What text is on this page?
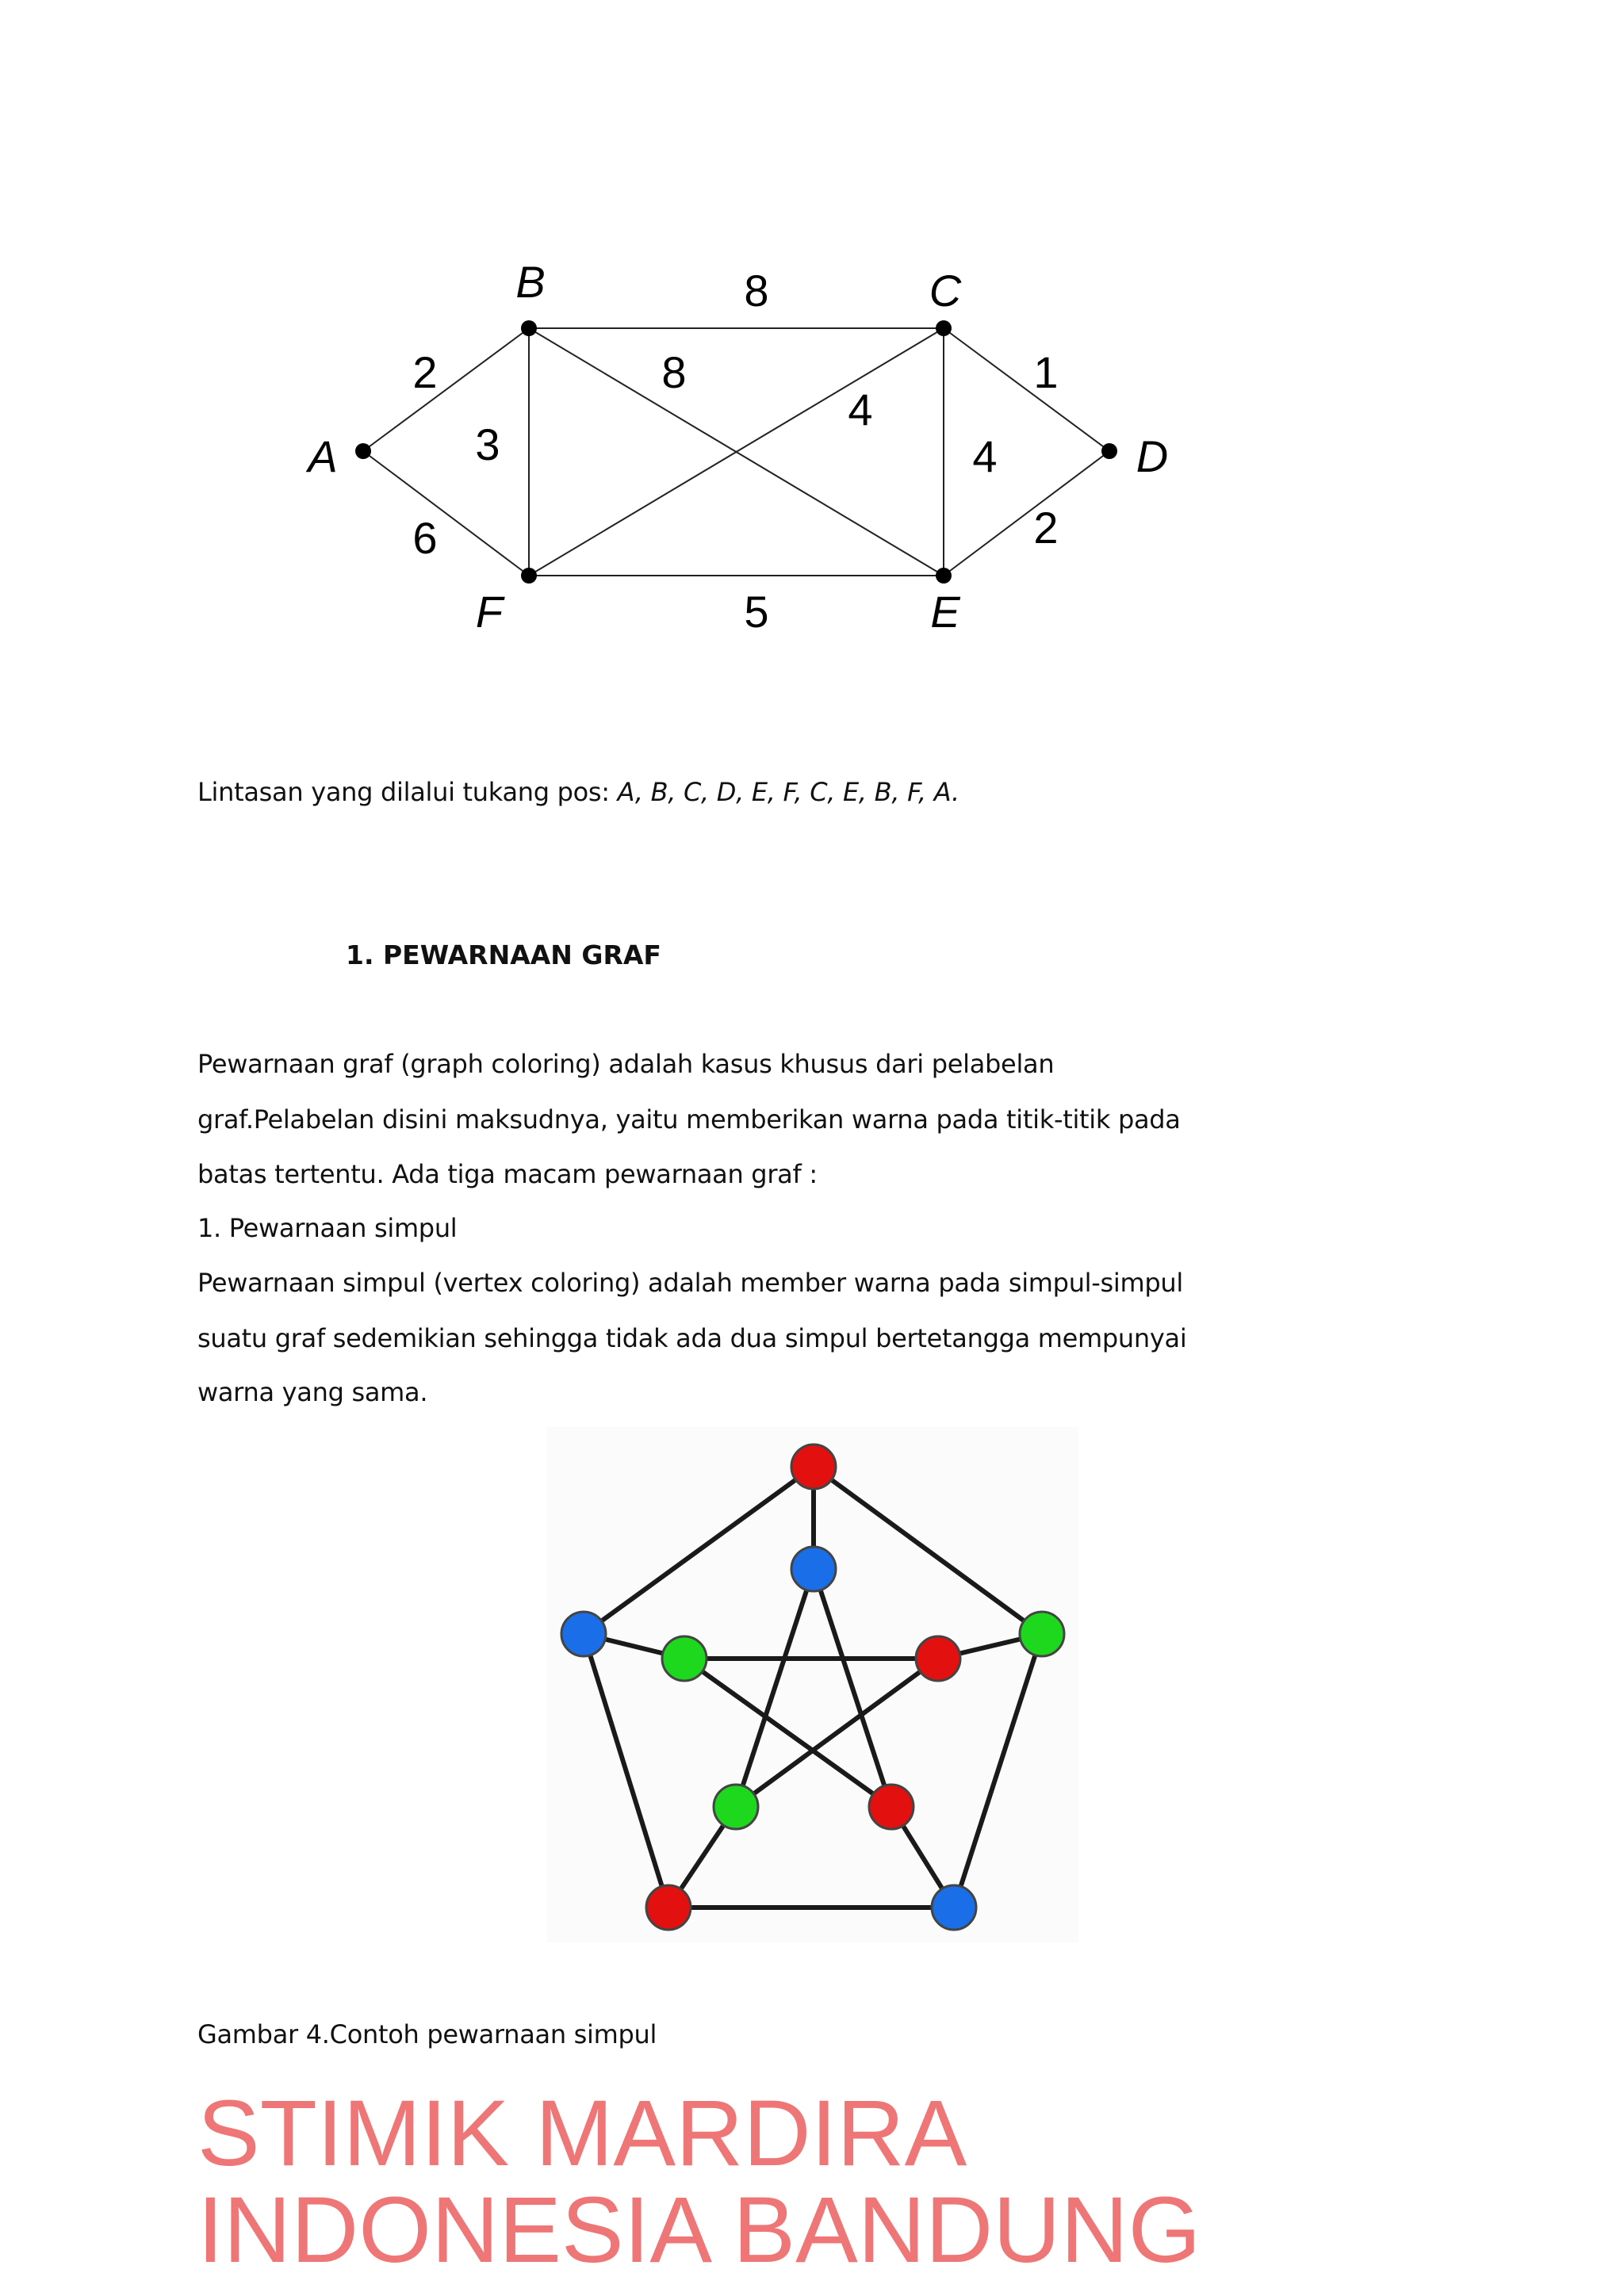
2
6
8
3
8
4
4
1
2
5
A
B	C
D
E
F
Lintasan yang dilalui tukang pos: A, B, C, D, E, F, C, E, B, F, A.
1. PEWARNAAN GRAF
Pewarnaan graf (graph coloring) adalah kasus khusus dari pelabelan
graf.Pelabelan disini maksudnya, yaitu memberikan warna pada titik-titik pada
batas tertentu. Ada tiga macam pewarnaan graf :
1. Pewarnaan simpul
Pewarnaan simpul (vertex coloring) adalah member warna pada simpul-simpul
suatu graf sedemikian sehingga tidak ada dua simpul bertetangga mempunyai
warna yang sama.
Gambar 4.Contoh pewarnaan simpul
STIMIK MARDIRA INDONESIA BANDUNG
